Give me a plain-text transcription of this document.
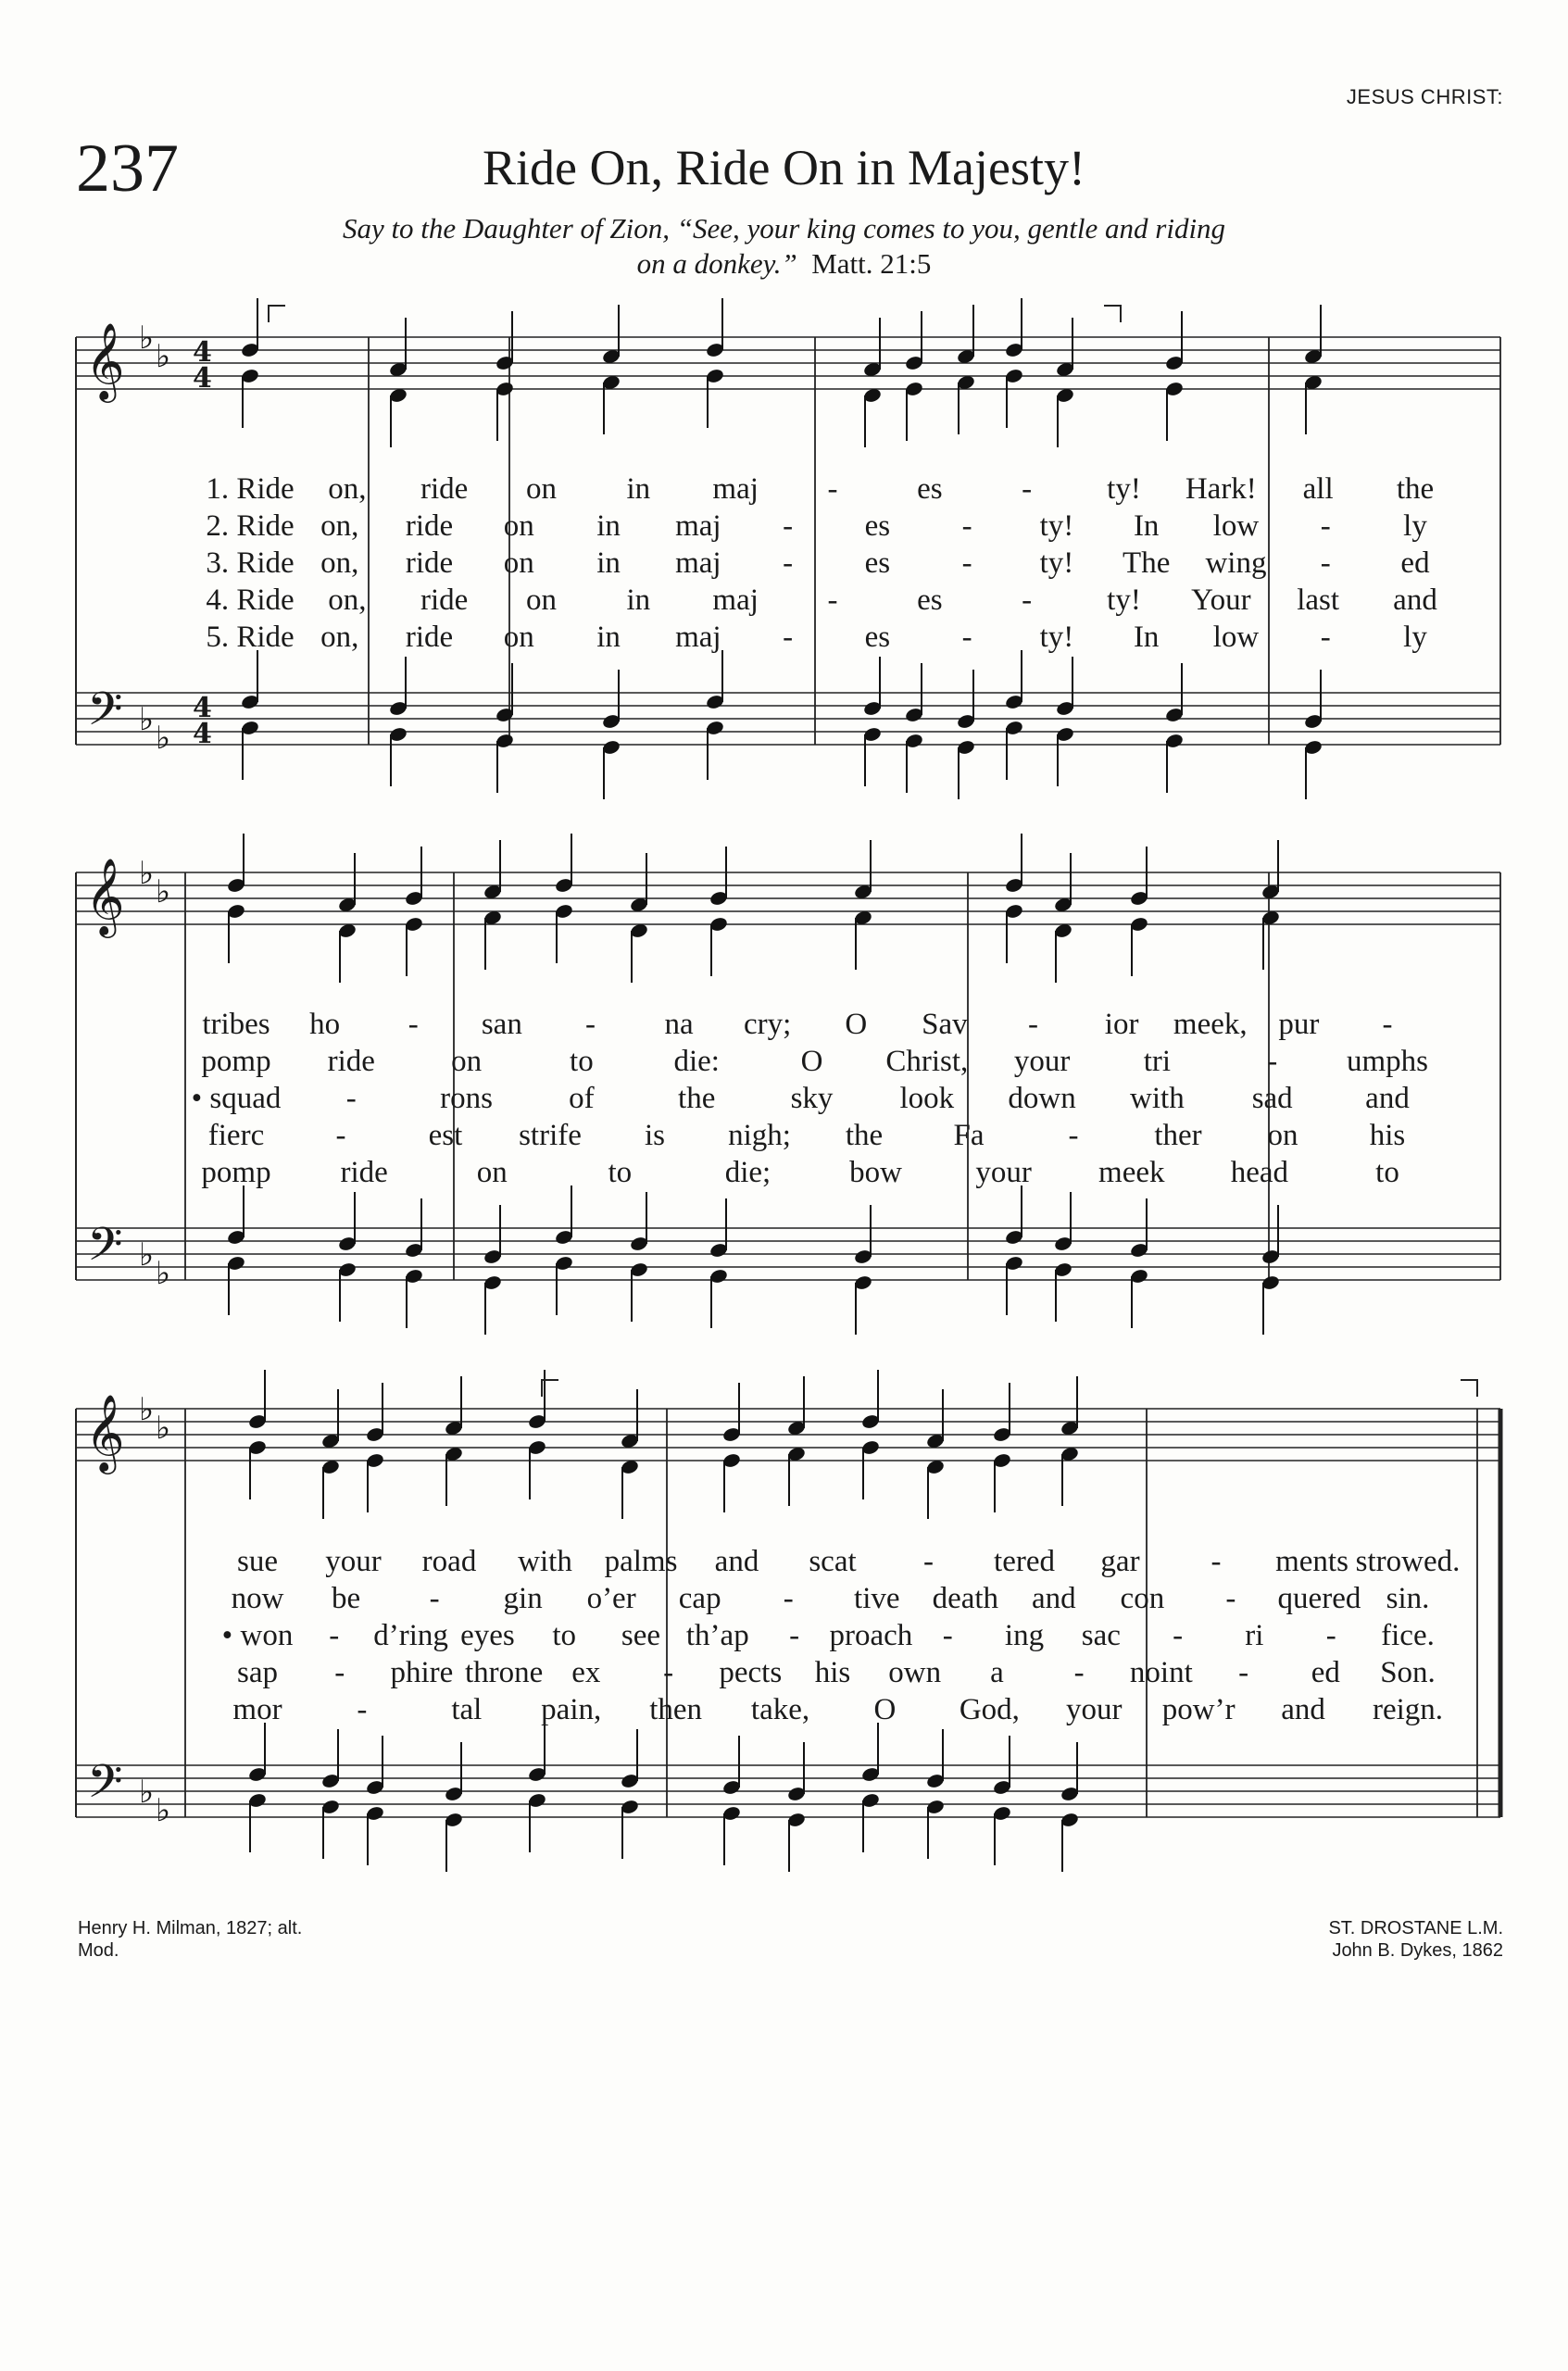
JESUS CHRIST:
237	Ride On, Ride On in Majesty!
Say to the Daughter of Zion, “See, your king comes to you, gentle and riding
on a donkey.” Matt. 21:5
𝄞
𝄢
♭ ♭
♭ ♭
4
4
4
4
𝄞
𝄢
♭ ♭
♭ ♭
𝄞
𝄢
♭ ♭
♭ ♭
1. Ride on, ride on in maj -	es	- ty! Hark! all the
2. Ride on, ride on in maj - es - ty! In low - ly
3. Ride on, ride on in maj - es - ty! The wing - ed
4. Ride on, ride on in maj -	es	- ty! Your last and
5. Ride on, ride on in maj - es - ty! In low - ly
tribes ho - san - na cry; O Sav - ior meek, pur -
pomp ride on	to	die:	O Christ, your tri	- umphs
• squad -	rons of	the sky look down with sad and
fierc -	est strife is nigh; the Fa	- ther on his
pomp ride	on	to	die;	bow your meek head	to
sue your road with palms and scat - tered gar - ments strowed.
now be - gin o’er cap - tive death and con - quered sin.
• won - d’ring eyes to see th’ap - proach - ing sac - ri - fice.
sap - phire throne ex - pects his own a - noint - ed Son.
mor -	tal pain, then take, O God, your pow’r and reign.
Henry H. Milman, 1827; alt.
Mod.
ST. DROSTANE L.M.
John B. Dykes, 1862
